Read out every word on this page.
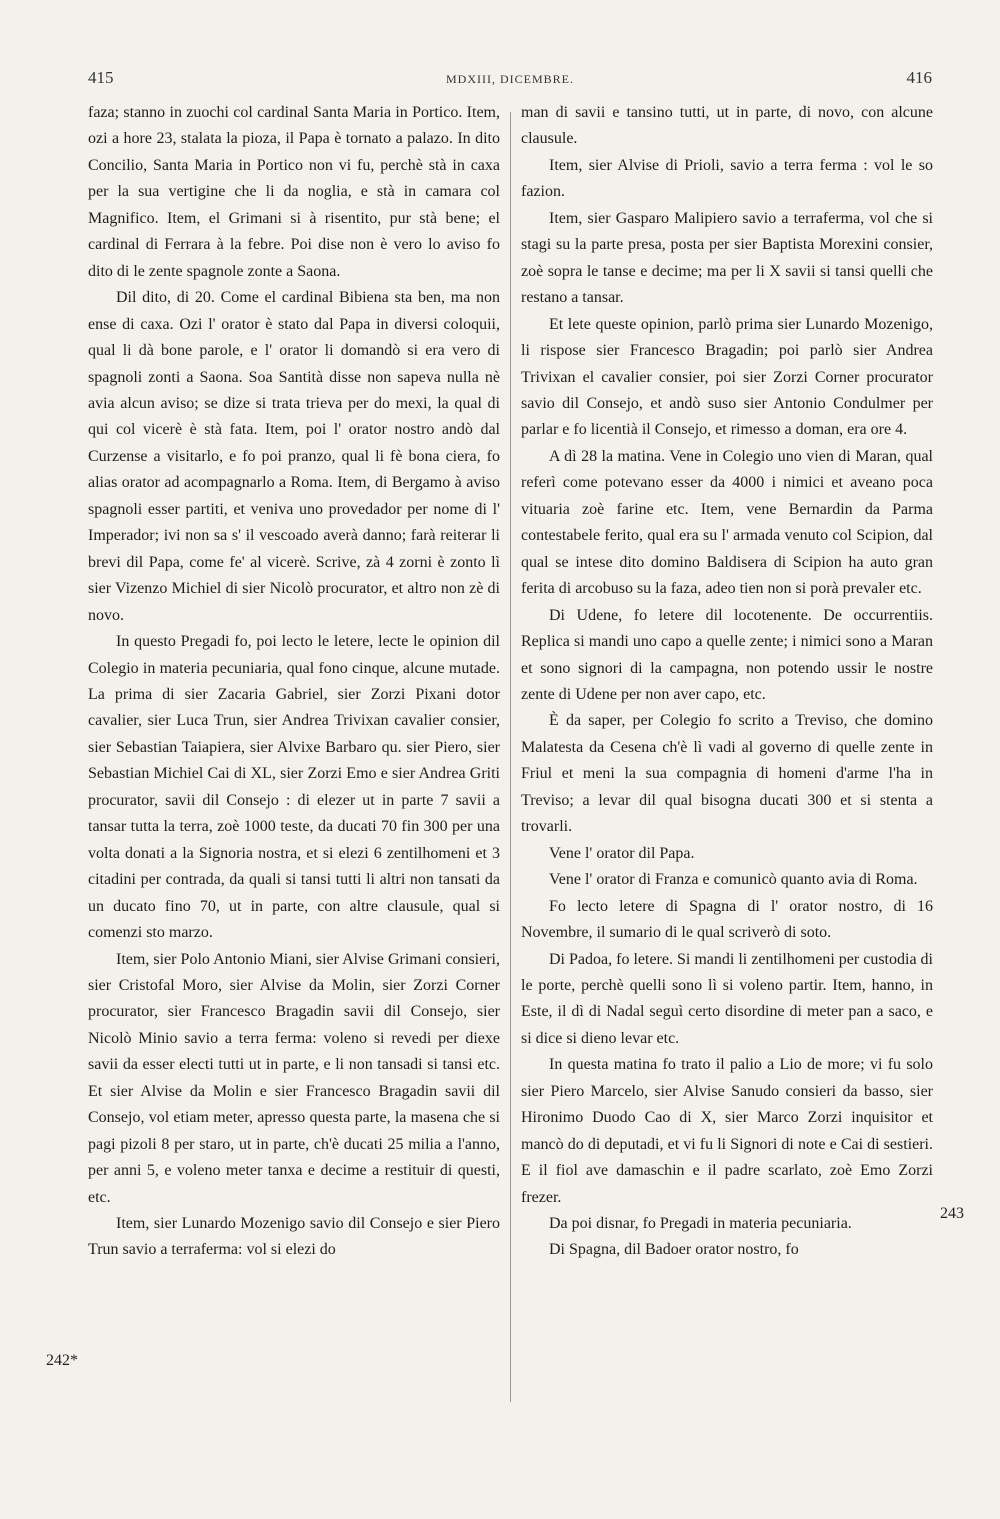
415	MDXIII, DICEMBRE.	416

faza; stanno in zuochi col cardinal Santa Maria in Portico. Item, ozi a hore 23, stalata la pioza, il Papa è tornato a palazo. In dito Concilio, Santa Maria in Portico non vi fu, perchè stà in caxa per la sua vertigine che li da noglia, e stà in camara col Magnifico. Item, el Grimani si à risentito, pur stà bene; el cardinal di Ferrara à la febre. Poi dise non è vero lo aviso fo dito di le zente spagnole zonte a Saona.

Dil dito, di 20. Come el cardinal Bibiena sta ben, ma non ense di caxa. Ozi l' orator è stato dal Papa in diversi coloquii, qual li dà bone parole, e l' orator li domandò si era vero di spagnoli zonti a Saona. Soa Santità disse non sapeva nulla nè avia alcun aviso; se dize si trata trieva per do mexi, la qual di qui col vicerè è stà fata. Item, poi l' orator nostro andò dal Curzense a visitarlo, e fo poi pranzo, qual li fè bona ciera, fo alias orator ad acompagnarlo a Roma. Item, di Bergamo à aviso spagnoli esser partiti, et veniva uno provedador per nome di l' Imperador; ivi non sa s' il vescoado averà danno; farà reiterar li brevi dil Papa, come fe' al vicerè. Scrive, zà 4 zorni è zonto lì sier Vizenzo Michiel di sier Nicolò procurator, et altro non zè di novo.

In questo Pregadi fo, poi lecto le letere, lecte le opinion dil Colegio in materia pecuniaria, qual fono cinque, alcune mutade. La prima di sier Zacaria Gabriel, sier Zorzi Pixani dotor cavalier, sier Luca Trun, sier Andrea Trivixan cavalier consier, sier Sebastian Taiapiera, sier Alvixe Barbaro qu. sier Piero, sier Sebastian Michiel Cai di XL, sier Zorzi Emo e sier Andrea Griti procurator, savii dil Consejo : di elezer ut in parte 7 savii a tansar tutta la terra, zoè 1000 teste, da ducati 70 fin 300 per una volta donati a la Signoria nostra, et si elezi 6 zentilhomeni et 3 citadini per contrada, da quali si tansi tutti li altri non tansati da un ducato fino 70, ut in parte, con altre clausule, qual si comenzi sto marzo.

Item, sier Polo Antonio Miani, sier Alvise Grimani consieri, sier Cristofal Moro, sier Alvise da Molin, sier Zorzi Corner procurator, sier Francesco Bragadin savii dil Consejo, sier Nicolò Minio savio a terra ferma: voleno si revedi per diexe savii da esser electi tutti ut in parte, e li non tansadi si tansi etc. Et sier Alvise da Molin e sier Francesco Bragadin savii dil Consejo, vol etiam meter, apresso questa parte, la masena che si pagi pizoli 8 per staro, ut in parte, ch'è ducati 25 milia a l'anno, per anni 5, e voleno meter tanxa e decime a restituir di questi, etc.

Item, sier Lunardo Mozenigo savio dil Consejo e sier Piero Trun savio a terraferma: vol si elezi do

man di savii e tansino tutti, ut in parte, di novo, con alcune clausule.

Item, sier Alvise di Prioli, savio a terra ferma : vol le so fazion.

Item, sier Gasparo Malipiero savio a terraferma, vol che si stagi su la parte presa, posta per sier Baptista Morexini consier, zoè sopra le tanse e decime; ma per li X savii si tansi quelli che restano a tansar.

Et lete queste opinion, parlò prima sier Lunardo Mozenigo, li rispose sier Francesco Bragadin; poi parlò sier Andrea Trivixan el cavalier consier, poi sier Zorzi Corner procurator savio dil Consejo, et andò suso sier Antonio Condulmer per parlar e fo licentià il Consejo, et rimesso a doman, era ore 4.

A dì 28 la matina. Vene in Colegio uno vien di Maran, qual referì come potevano esser da 4000 i nimici et aveano poca vituaria zoè farine etc. Item, vene Bernardin da Parma contestabele ferito, qual era su l' armada venuto col Scipion, dal qual se intese dito domino Baldisera di Scipion ha auto gran ferita di arcobuso su la faza, adeo tien non si porà prevaler etc.

Di Udene, fo letere dil locotenente. De occurrentiis. Replica si mandi uno capo a quelle zente; i nimici sono a Maran et sono signori di la campagna, non potendo ussir le nostre zente di Udene per non aver capo, etc.

È da saper, per Colegio fo scrito a Treviso, che domino Malatesta da Cesena ch'è lì vadi al governo di quelle zente in Friul et meni la sua compagnia di homeni d'arme l'ha in Treviso; a levar dil qual bisogna ducati 300 et si stenta a trovarli.

Vene l' orator dil Papa.

Vene l' orator di Franza e comunicò quanto avia di Roma.

Fo lecto letere di Spagna di l' orator nostro, di 16 Novembre, il sumario di le qual scriverò di soto.

Di Padoa, fo letere. Si mandi li zentilhomeni per custodia di le porte, perchè quelli sono lì si voleno partir. Item, hanno, in Este, il dì di Nadal seguì certo disordine di meter pan a saco, e si dice si dieno levar etc.

In questa matina fo trato il palio a Lio de more; vi fu solo sier Piero Marcelo, sier Alvise Sanudo consieri da basso, sier Hironimo Duodo Cao di X, sier Marco Zorzi inquisitor et mancò do di deputadi, et vi fu li Signori di note e Cai di sestieri. E il fiol ave damaschin e il padre scarlato, zoè Emo Zorzi frezer.

Da poi disnar, fo Pregadi in materia pecuniaria.

Di Spagna, dil Badoer orator nostro, fo

242*
243
